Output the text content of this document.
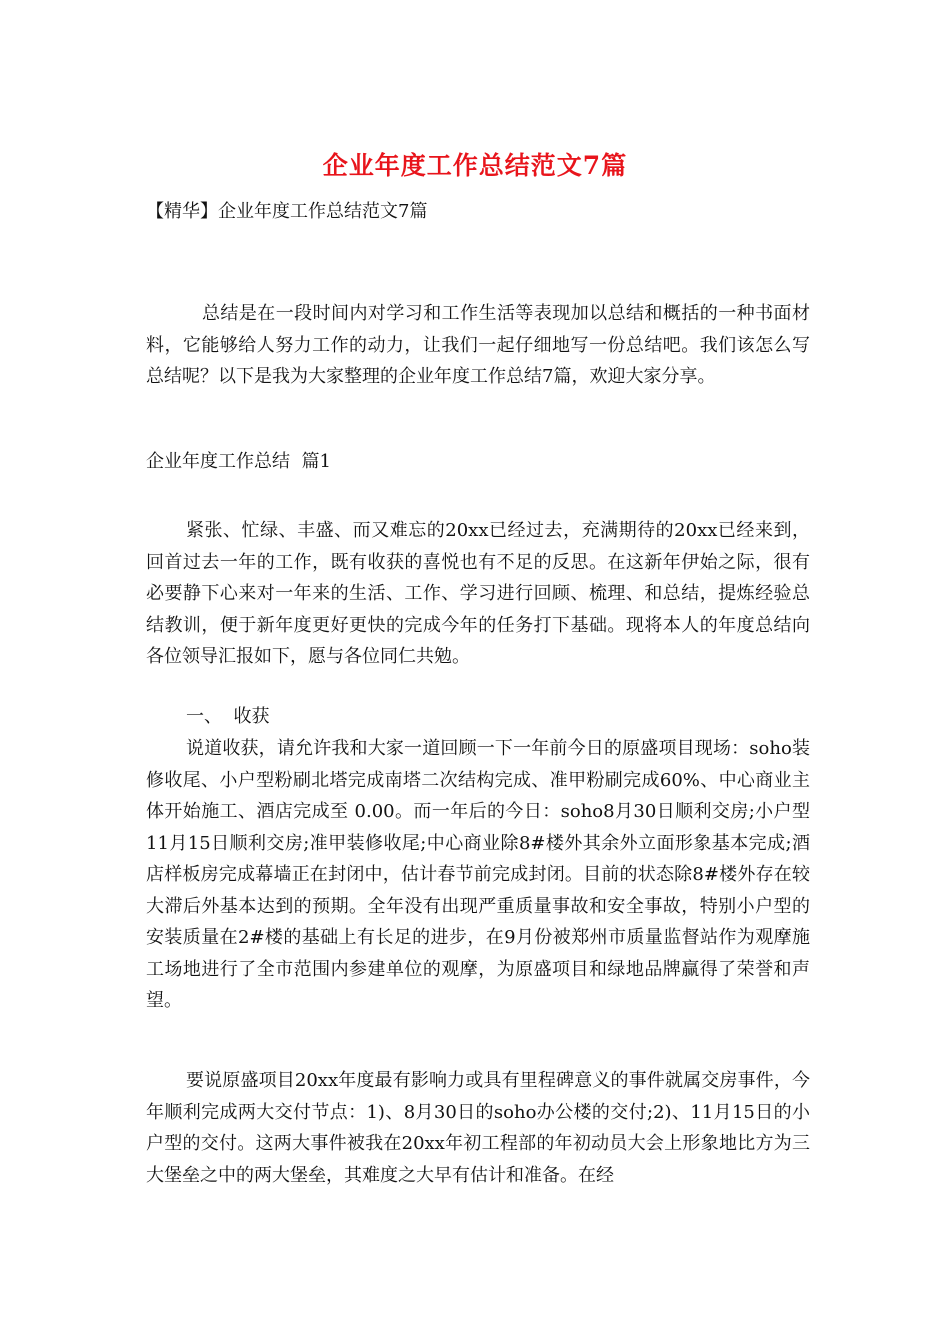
企业年度工作总结范文7篇
【精华】企业年度工作总结范文7篇

总结是在一段时间内对学习和工作生活等表现加以总结和概括的一种书面材料，它能够给人努力工作的动力，让我们一起仔细地写一份总结吧。我们该怎么写总结呢？以下是我为大家整理的企业年度工作总结7篇，欢迎大家分享。

企业年度工作总结  篇1

紧张、忙绿、丰盛、而又难忘的20xx已经过去，充满期待的20xx已经来到，回首过去一年的工作，既有收获的喜悦也有不足的反思。在这新年伊始之际，很有必要静下心来对一年来的生活、工作、学习进行回顾、梳理、和总结，提炼经验总结教训，便于新年度更好更快的完成今年的任务打下基础。现将本人的年度总结向各位领导汇报如下，愿与各位同仁共勉。

一、  收获

说道收获，请允许我和大家一道回顾一下一年前今日的原盛项目现场：soho装修收尾、小户型粉刷北塔完成南塔二次结构完成、准甲粉刷完成60%、中心商业主体开始施工、酒店完成至 0.00。而一年后的今日：soho8月30日顺利交房;小户型11月15日顺利交房;准甲装修收尾;中心商业除8#楼外其余外立面形象基本完成;酒店样板房完成幕墙正在封闭中，估计春节前完成封闭。目前的状态除8#楼外存在较大滞后外基本达到的预期。全年没有出现严重质量事故和安全事故，特别小户型的安装质量在2#楼的基础上有长足的进步，在9月份被郑州市质量监督站作为观摩施工场地进行了全市范围内参建单位的观摩，为原盛项目和绿地品牌赢得了荣誉和声望。

要说原盛项目20xx年度最有影响力或具有里程碑意义的事件就属交房事件，今年顺利完成两大交付节点：1)、8月30日的soho办公楼的交付;2)、11月15日的小户型的交付。这两大事件被我在20xx年初工程部的年初动员大会上形象地比方为三大堡垒之中的两大堡垒，其难度之大早有估计和准备。在经
